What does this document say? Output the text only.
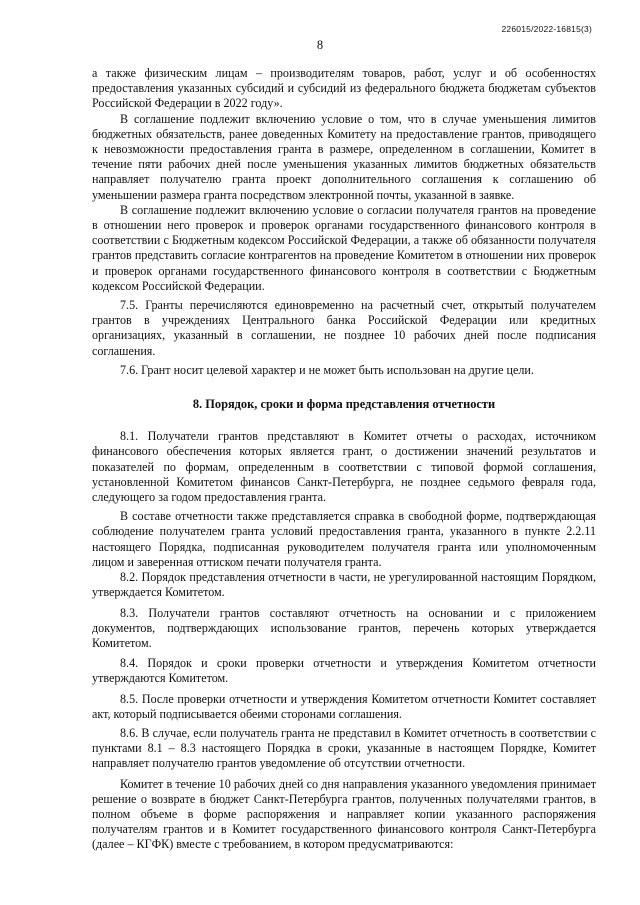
226015/2022-16815(3)
8

а также физическим лицам – производителям товаров, работ, услуг и об особенностях предоставления указанных субсидий и субсидий из федерального бюджета бюджетам субъектов Российской Федерации в 2022 году».

В соглашение подлежит включению условие о том, что в случае уменьшения лимитов бюджетных обязательств, ранее доведенных Комитету на предоставление грантов, приводящего к невозможности предоставления гранта в размере, определенном в соглашении, Комитет в течение пяти рабочих дней после уменьшения указанных лимитов бюджетных обязательств направляет получателю гранта проект дополнительного соглашения к соглашению об уменьшении размера гранта посредством электронной почты, указанной в заявке.

В соглашение подлежит включению условие о согласии получателя грантов на проведение в отношении него проверок и проверок органами государственного финансового контроля в соответствии с Бюджетным кодексом Российской Федерации, а также об обязанности получателя грантов представить согласие контрагентов на проведение Комитетом в отношении них проверок и проверок органами государственного финансового контроля в соответствии с Бюджетным кодексом Российской Федерации.

7.5. Гранты перечисляются единовременно на расчетный счет, открытый получателем грантов в учреждениях Центрального банка Российской Федерации или кредитных организациях, указанный в соглашении, не позднее 10 рабочих дней после подписания соглашения.

7.6. Грант носит целевой характер и не может быть использован на другие цели.

8. Порядок, сроки и форма представления отчетности

8.1. Получатели грантов представляют в Комитет отчеты о расходах, источником финансового обеспечения которых является грант, о достижении значений результатов и показателей по формам, определенным в соответствии с типовой формой соглашения, установленной Комитетом финансов Санкт-Петербурга, не позднее седьмого февраля года, следующего за годом предоставления гранта.

В составе отчетности также представляется справка в свободной форме, подтверждающая соблюдение получателем гранта условий предоставления гранта, указанного в пункте 2.2.11 настоящего Порядка, подписанная руководителем получателя гранта или уполномоченным лицом и заверенная оттиском печати получателя гранта.

8.2. Порядок представления отчетности в части, не урегулированной настоящим Порядком, утверждается Комитетом.

8.3. Получатели грантов составляют отчетность на основании и с приложением документов, подтверждающих использование грантов, перечень которых утверждается Комитетом.

8.4. Порядок и сроки проверки отчетности и утверждения Комитетом отчетности утверждаются Комитетом.

8.5. После проверки отчетности и утверждения Комитетом отчетности Комитет составляет акт, который подписывается обеими сторонами соглашения.

8.6. В случае, если получатель гранта не представил в Комитет отчетность в соответствии с пунктами 8.1 – 8.3 настоящего Порядка в сроки, указанные в настоящем Порядке, Комитет направляет получателю грантов уведомление об отсутствии отчетности.

Комитет в течение 10 рабочих дней со дня направления указанного уведомления принимает решение о возврате в бюджет Санкт-Петербурга грантов, полученных получателями грантов, в полном объеме в форме распоряжения и направляет копии указанного распоряжения получателям грантов и в Комитет государственного финансового контроля Санкт-Петербурга (далее – КГФК) вместе с требованием, в котором предусматриваются:
